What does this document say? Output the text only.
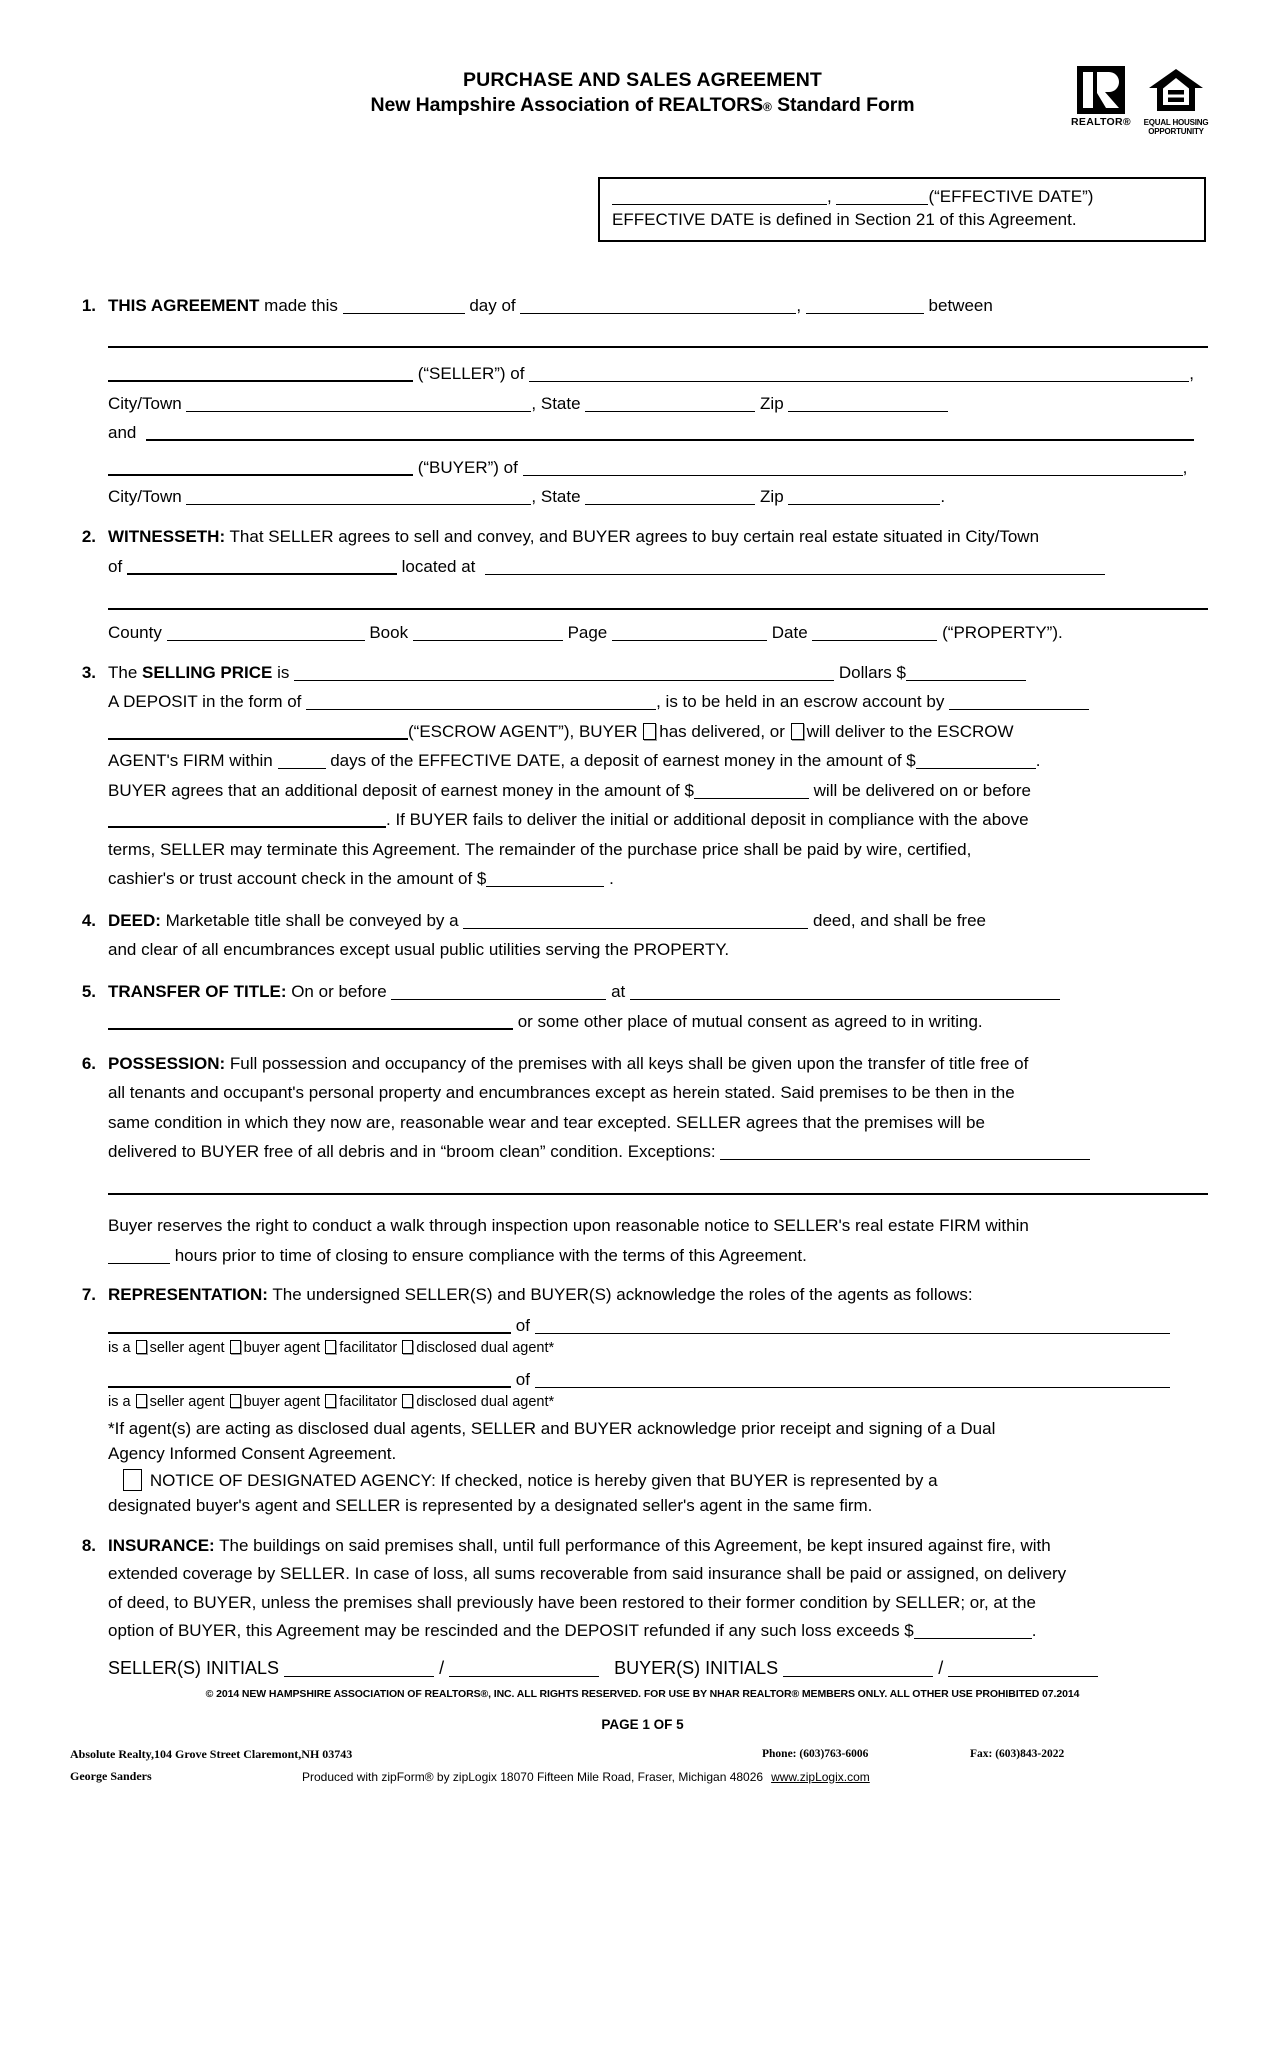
PURCHASE AND SALES AGREEMENT
New Hampshire Association of REALTORS® Standard Form
REALTOR®	EQUAL HOUSING
OPPORTUNITY
,	(“EFFECTIVE DATE”)
EFFECTIVE DATE is defined in Section 21 of this Agreement.
1. THIS AGREEMENT made this	day of	,	between
(“SELLER”) of	,
City/Town	, State	Zip
and
(“BUYER”) of	,
City/Town	, State	Zip	.
2. WITNESSETH: That SELLER agrees to sell and convey, and BUYER agrees to buy certain real estate situated in City/Town
of	located at
County	Book	Page	Date	(“PROPERTY”).
3. The SELLING PRICE is	Dollars $
A DEPOSIT in the form of	, is to be held in an escrow account by
(“ESCROW AGENT”), BUYER has delivered, or will deliver to the ESCROW
AGENT's FIRM within	days of the EFFECTIVE DATE, a deposit of earnest money in the amount of $	.
BUYER agrees that an additional deposit of earnest money in the amount of $	will be delivered on or before
. If BUYER fails to deliver the initial or additional deposit in compliance with the above
terms, SELLER may terminate this Agreement. The remainder of the purchase price shall be paid by wire, certified,
cashier's or trust account check in the amount of $	.
4. DEED: Marketable title shall be conveyed by a	deed, and shall be free
and clear of all encumbrances except usual public utilities serving the PROPERTY.
5. TRANSFER OF TITLE: On or before	at
or some other place of mutual consent as agreed to in writing.
6. POSSESSION: Full possession and occupancy of the premises with all keys shall be given upon the transfer of title free of
all tenants and occupant's personal property and encumbrances except as herein stated. Said premises to be then in the
same condition in which they now are, reasonable wear and tear excepted. SELLER agrees that the premises will be
delivered to BUYER free of all debris and in “broom clean” condition. Exceptions:
Buyer reserves the right to conduct a walk through inspection upon reasonable notice to SELLER's real estate FIRM within
hours prior to time of closing to ensure compliance with the terms of this Agreement.
7. REPRESENTATION: The undersigned SELLER(S) and BUYER(S) acknowledge the roles of the agents as follows:
of
is a seller agent buyer agent facilitator disclosed dual agent*
of
is a seller agent buyer agent facilitator disclosed dual agent*
*If agent(s) are acting as disclosed dual agents, SELLER and BUYER acknowledge prior receipt and signing of a Dual
Agency Informed Consent Agreement.
NOTICE OF DESIGNATED AGENCY: If checked, notice is hereby given that BUYER is represented by a
designated buyer's agent and SELLER is represented by a designated seller's agent in the same firm.
8. INSURANCE: The buildings on said premises shall, until full performance of this Agreement, be kept insured against fire, with
extended coverage by SELLER. In case of loss, all sums recoverable from said insurance shall be paid or assigned, on delivery
of deed, to BUYER, unless the premises shall previously have been restored to their former condition by SELLER; or, at the
option of BUYER, this Agreement may be rescinded and the DEPOSIT refunded if any such loss exceeds $	.
SELLER(S) INITIALS	/	BUYER(S) INITIALS	/
© 2014 NEW HAMPSHIRE ASSOCIATION OF REALTORS®, INC. ALL RIGHTS RESERVED. FOR USE BY NHAR REALTOR® MEMBERS ONLY. ALL OTHER USE PROHIBITED 07.2014
PAGE 1 OF 5
Absolute Realty,104 Grove Street Claremont,NH 03743	Phone: (603)763-6006	Fax: (603)843-2022
George Sanders	Produced with zipForm® by zipLogix 18070 Fifteen Mile Road, Fraser, Michigan 48026 www.zipLogix.com
